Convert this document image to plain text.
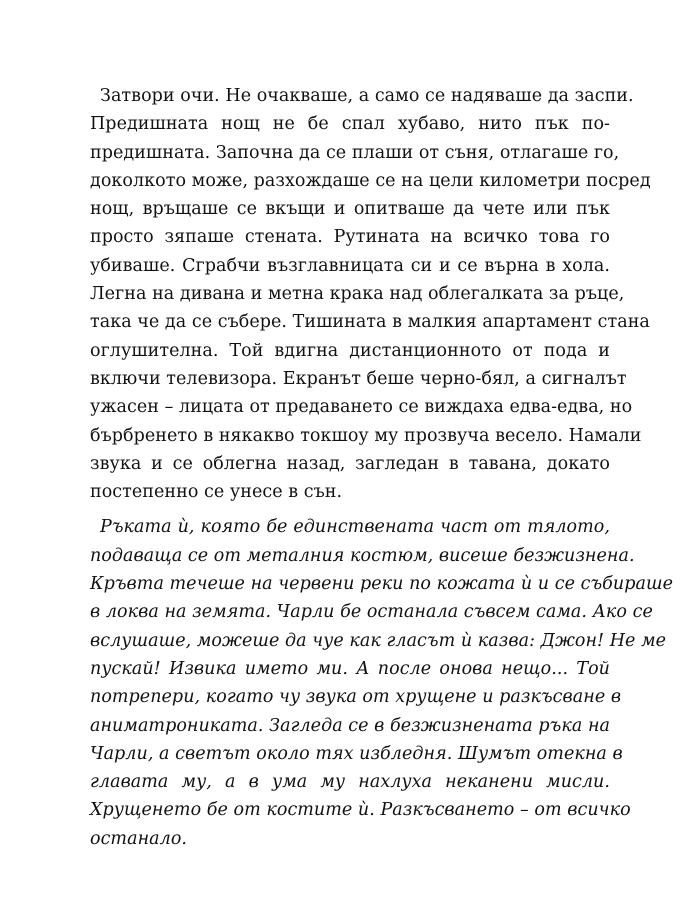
Затвори очи. Не очакваше, а само се надяваше да заспи.
Предишната нощ не бе спал хубаво, нито пък по-
предишната. Започна да се плаши от съня, отлагаше го,
доколкото може, разхождаше се на цели километри посред
нощ, връщаше се вкъщи и опитваше да чете или пък
просто зяпаше стената. Рутината на всичко това го
убиваше. Сграбчи възглавницата си и се върна в хола.
Легна на дивана и метна крака над облегалката за ръце,
така че да се събере. Тишината в малкия апартамент стана
оглушителна. Той вдигна дистанционното от пода и
включи телевизора. Екранът беше черно-бял, а сигналът
ужасен – лицата от предаването се виждаха едва-едва, но
бърбренето в някакво токшоу му прозвуча весело. Намали
звука и се облегна назад, загледан в тавана, докато
постепенно се унесе в сън.

Ръката ѝ, която бе единствената част от тялото,
подаваща се от металния костюм, висеше безжизнена.
Кръвта течеше на червени реки по кожата ѝ и се събираше
в локва на земята. Чарли бе останала съвсем сама. Ако се
вслушаше, можеше да чуе как гласът ѝ казва: Джон! Не ме
пускай! Извика името ми. А после онова нещо... Той
потрепери, когато чу звука от хрущене и разкъсване в
аниматрониката. Загледа се в безжизнената ръка на
Чарли, а светът около тях избледня. Шумът отекна в
главата му, а в ума му нахлуха неканени мисли.
Хрущенето бе от костите ѝ. Разкъсването – от всичко
останало.
